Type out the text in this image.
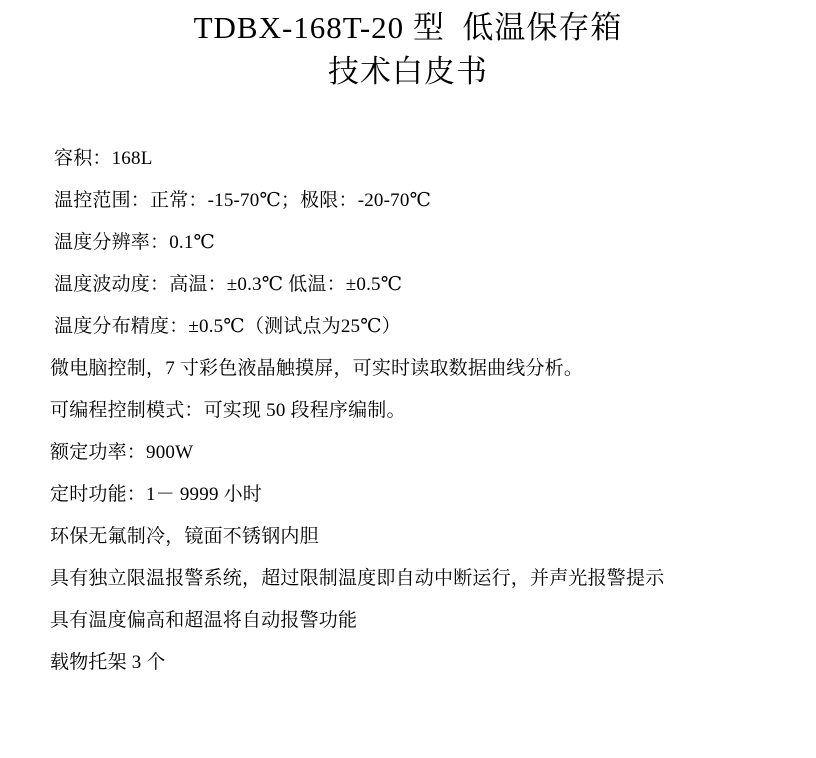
TDBX-168T-20 型  低温保存箱
技术白皮书
容积：168L
温控范围：正常：-15-70℃；极限：-20-70℃
温度分辨率：0.1℃
温度波动度：高温：±0.3℃ 低温：±0.5℃
温度分布精度：±0.5℃（测试点为25℃）
微电脑控制，7 寸彩色液晶触摸屏，可实时读取数据曲线分析。
可编程控制模式：可实现 50 段程序编制。
额定功率：900W
定时功能：1－ 9999 小时
环保无氟制冷，镜面不锈钢内胆
具有独立限温报警系统，超过限制温度即自动中断运行，并声光报警提示
具有温度偏高和超温将自动报警功能
载物托架 3 个
